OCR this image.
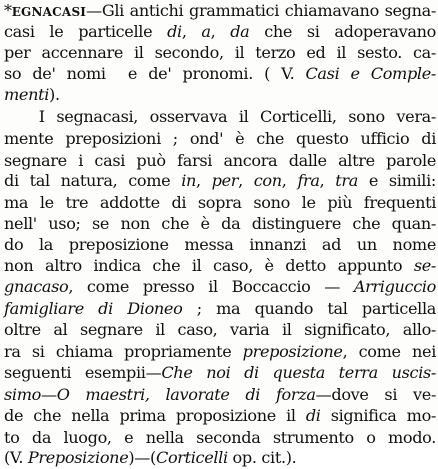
*EGNACASI—Gli antichi grammatici chiamavano segna-
casi le particelle di, a, da che si adoperavano
per accennare il secondo, il terzo ed il sesto. ca-
so de' nomi  e de' pronomi. ( V. Casi e Comple-
menti).
I segnacasi, osservava il Corticelli, sono vera-
mente preposizioni ; ond' è che questo ufficio di
segnare i casi può farsi ancora dalle altre parole
di tal natura, come in, per, con, fra, tra e simili:
ma le tre addotte di sopra sono le più frequenti
nell' uso; se non che è da distinguere che quan-
do la preposizione messa innanzi ad un nome
non altro indica che il caso, è detto appunto se-
gnacaso, come presso il Boccaccio — Arriguccio
famigliare di Dioneo ; ma quando tal particella
oltre al segnare il caso, varia il significato, allo-
ra si chiama propriamente preposizione, come nei
seguenti esempii—Che noi di questa terra uscis-
simo—O maestri, lavorate di forza—dove si ve-
de che nella prima proposizione il di significa mo-
to da luogo, e nella seconda strumento o modo.
(V. Preposizione)—(Corticelli op. cit.).
